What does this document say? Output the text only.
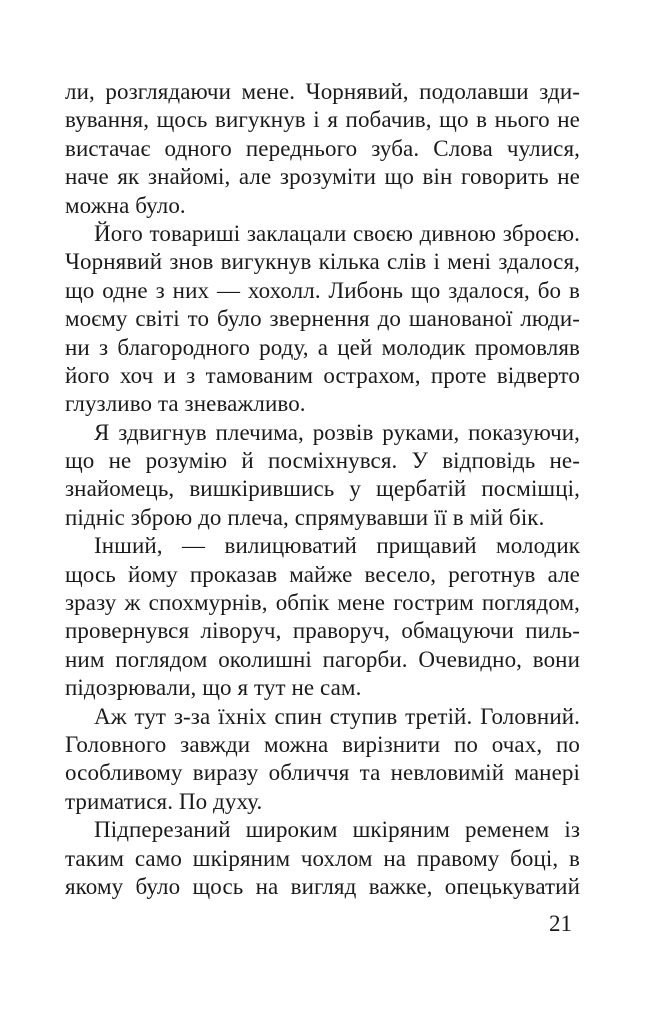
ли, розглядаючи мене. Чорнявий, подолавши зди-
вування, щось вигукнув і я побачив, що в нього не
вистачає одного переднього зуба. Слова чулися,
наче як знайомі, але зрозуміти що він говорить не
можна було.
Його товариші заклацали своєю дивною зброєю.
Чорнявий знов вигукнув кілька слів і мені здалося,
що одне з них — хохолл. Либонь що здалося, бо в
моєму світі то було звернення до шанованої люди-
ни з благородного роду, а цей молодик промовляв
його хоч и з тамованим острахом, проте відверто
глузливо та зневажливо.
Я здвигнув плечима, розвів руками, показуючи,
що не розумію й посміхнувся. У відповідь не-
знайомець, вишкірившись у щербатій посмішці,
підніс зброю до плеча, спрямувавши її в мій бік.
Інший, — вилицюватий прищавий молодик
щось йому проказав майже весело, реготнув але
зразу ж спохмурнів, обпік мене гострим поглядом,
провернувся ліворуч, праворуч, обмацуючи пиль-
ним поглядом околишні пагорби. Очевидно, вони
підозрювали, що я тут не сам.
Аж тут з-за їхніх спин ступив третій. Головний.
Головного завжди можна вирізнити по очах, по
особливому виразу обличчя та невловимій манері
триматися. По духу.
Підперезаний широким шкіряним ременем із
таким само шкіряним чохлом на правому боці, в
якому було щось на вигляд важке, опецькуватий
21
